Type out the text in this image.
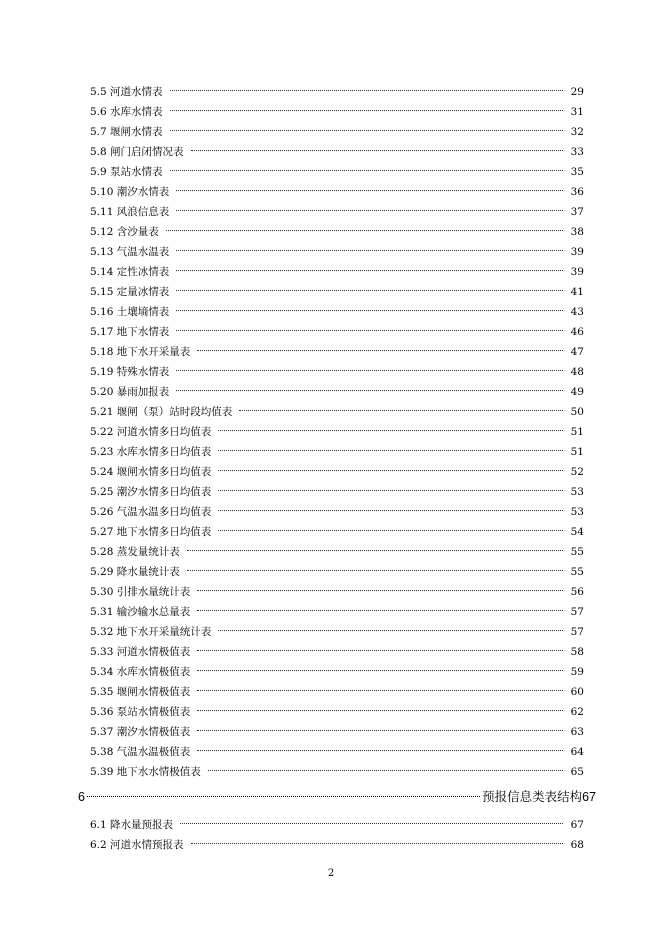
5.5 河道水情表	29
5.6 水库水情表	31
5.7 堰闸水情表	32
5.8 闸门启闭情况表	33
5.9 泵站水情表	35
5.10 潮汐水情表	36
5.11 风浪信息表	37
5.12 含沙量表	38
5.13 气温水温表	39
5.14 定性冰情表	39
5.15 定量冰情表	41
5.16 土壤墒情表	43
5.17 地下水情表	46
5.18 地下水开采量表	47
5.19 特殊水情表	48
5.20 暴雨加报表	49
5.21 堰闸（泵）站时段均值表	50
5.22 河道水情多日均值表	51
5.23 水库水情多日均值表	51
5.24 堰闸水情多日均值表	52
5.25 潮汐水情多日均值表	53
5.26 气温水温多日均值表	53
5.27 地下水情多日均值表	54
5.28 蒸发量统计表	55
5.29 降水量统计表	55
5.30 引排水量统计表	56
5.31 输沙输水总量表	57
5.32 地下水开采量统计表	57
5.33 河道水情极值表	58
5.34 水库水情极值表	59
5.35 堰闸水情极值表	60
5.36 泵站水情极值表	62
5.37 潮汐水情极值表	63
5.38 气温水温极值表	64
5.39 地下水水情极值表	65
6	预报信息类表结构 67
6.1 降水量预报表	67
6.2 河道水情预报表	68
2
